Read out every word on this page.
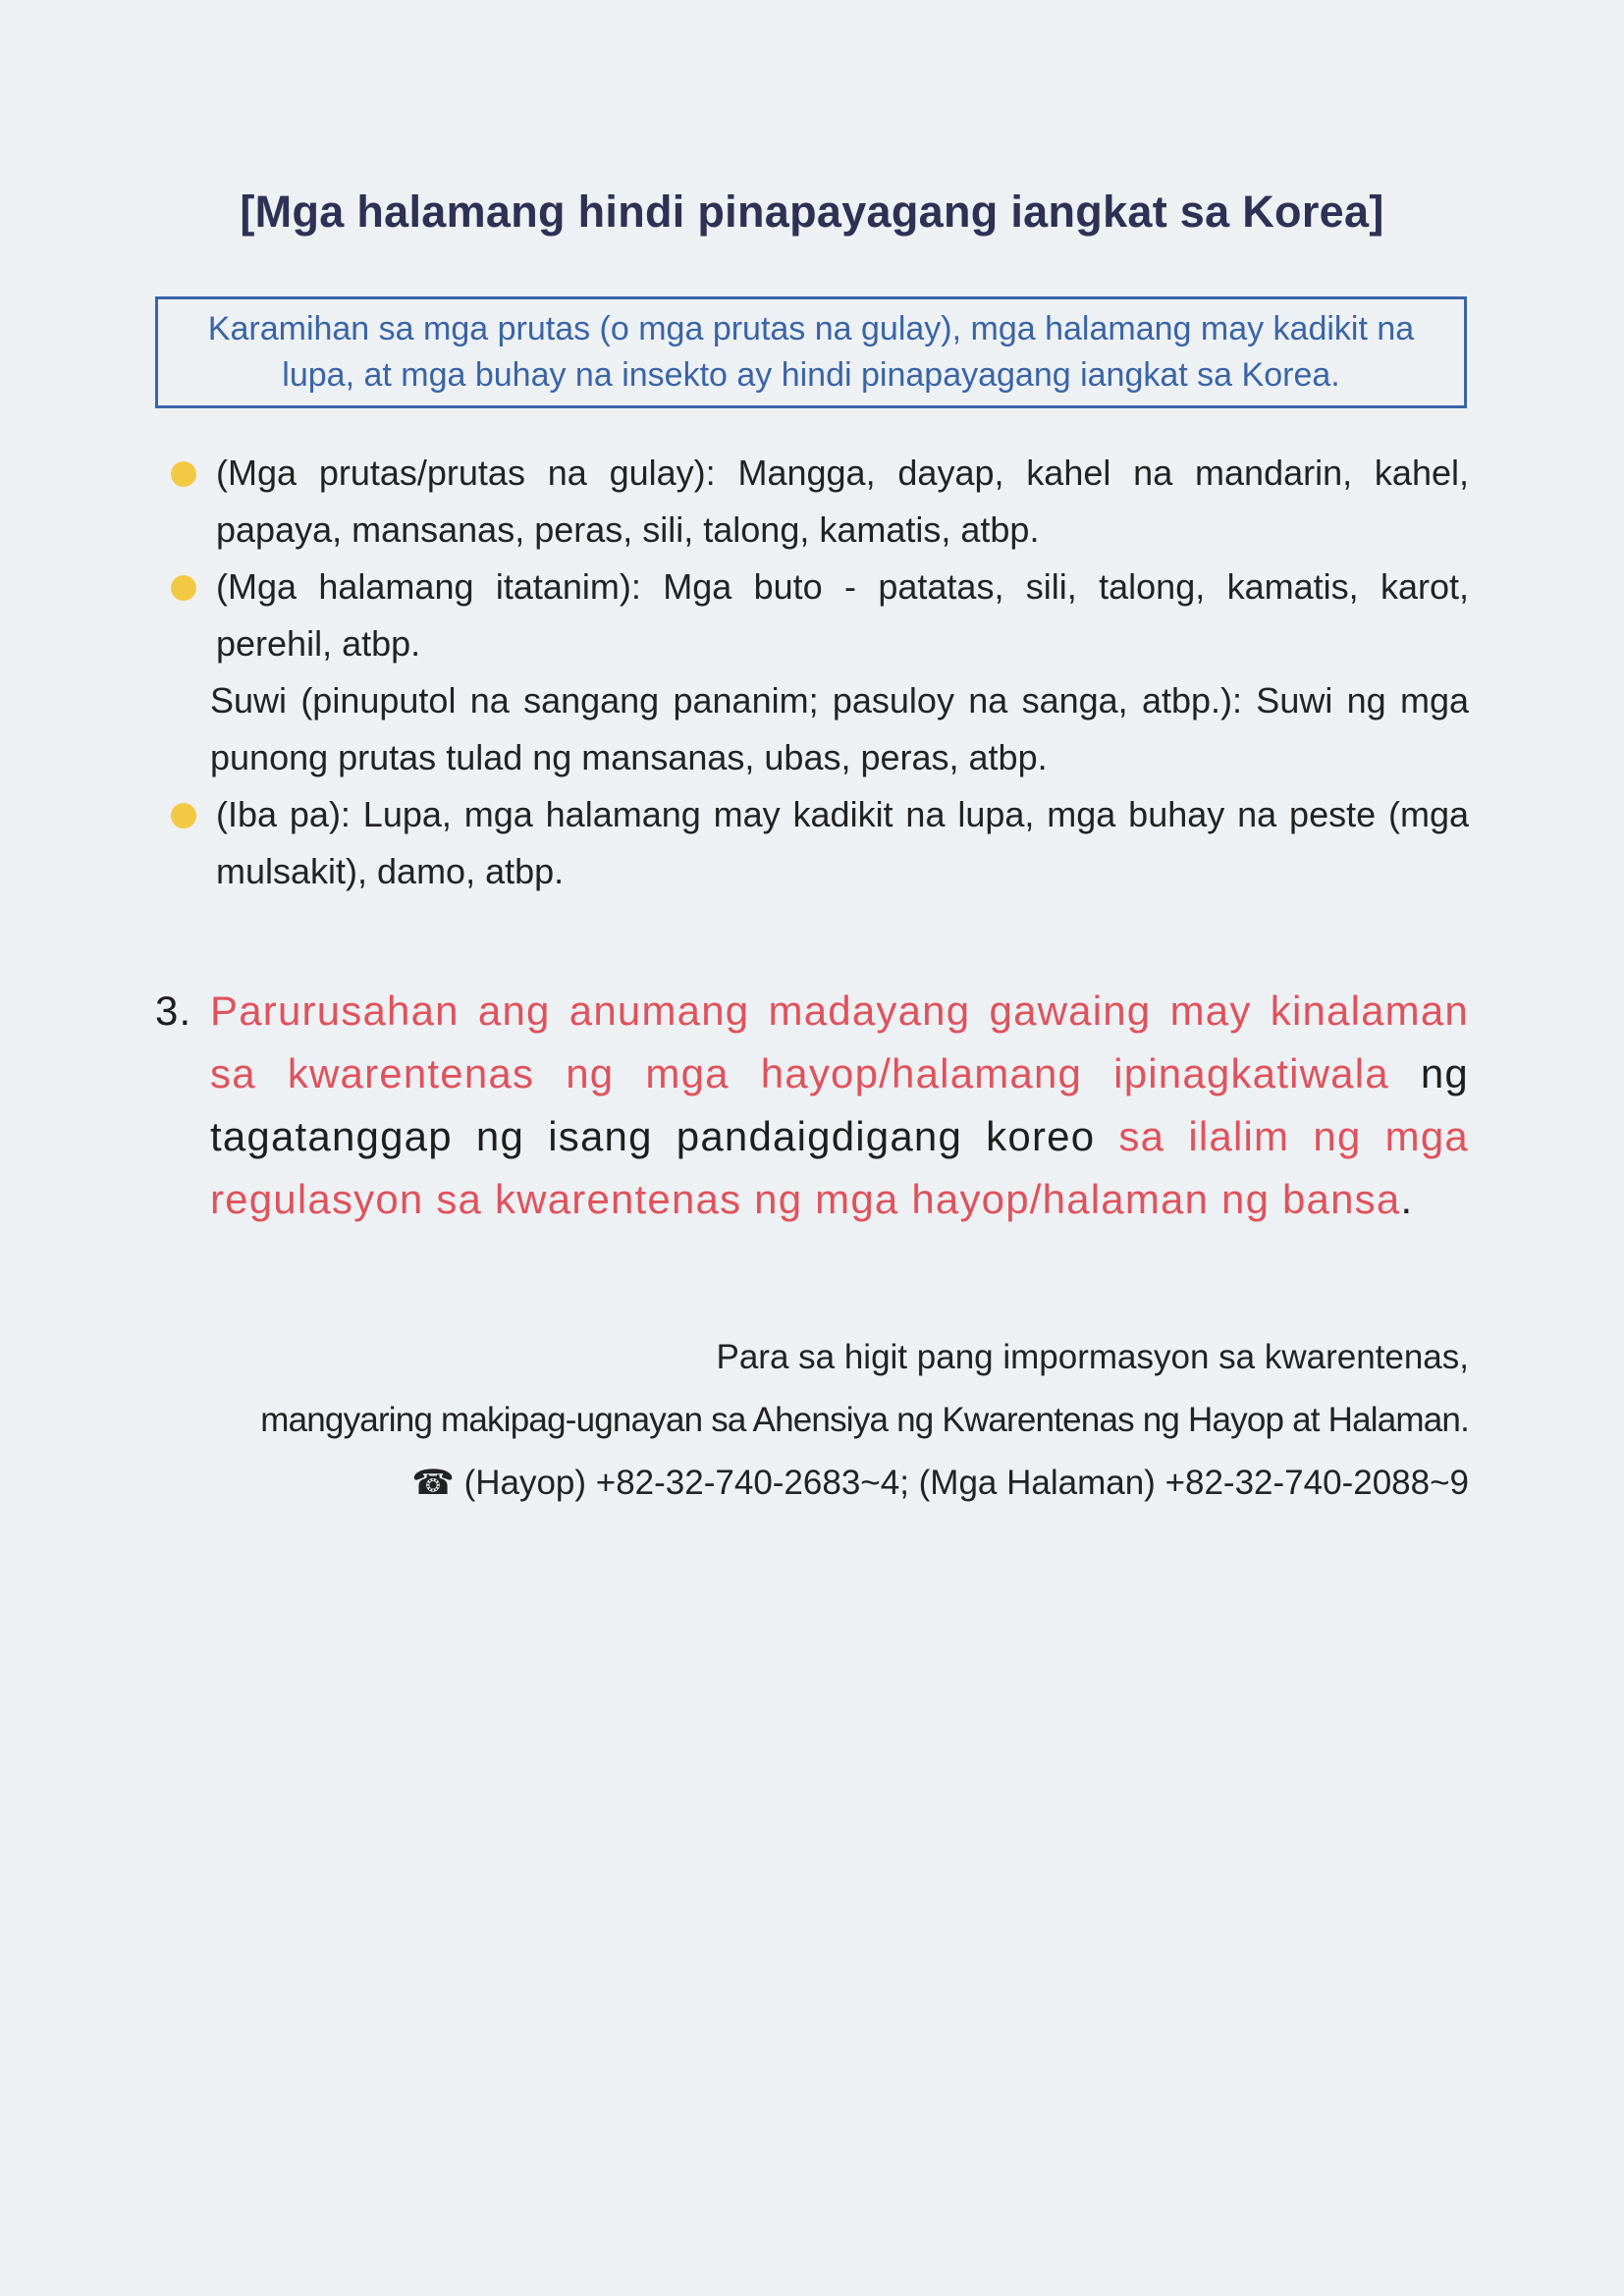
[Mga halamang hindi pinapayagang iangkat sa Korea]
Karamihan sa mga prutas (o mga prutas na gulay), mga halamang may kadikit na
lupa, at mga buhay na insekto ay hindi pinapayagang iangkat sa Korea.
(Mga prutas/prutas na gulay): Mangga, dayap, kahel na mandarin, kahel, papaya, mansanas, peras, sili, talong, kamatis, atbp.
(Mga halamang itatanim): Mga buto - patatas, sili, talong, kamatis, karot, perehil, atbp.
Suwi (pinuputol na sangang pananim; pasuloy na sanga, atbp.): Suwi ng mga punong prutas tulad ng mansanas, ubas, peras, atbp.
(Iba pa): Lupa, mga halamang may kadikit na lupa, mga buhay na peste (mga mulsakit), damo, atbp.
3. Parurusahan ang anumang madayang gawaing may kinalaman sa kwarentenas ng mga hayop/halamang ipinagkatiwala ng tagatanggap ng isang pandaigdigang koreo sa ilalim ng mga regulasyon sa kwarentenas ng mga hayop/halaman ng bansa.
Para sa higit pang impormasyon sa kwarentenas,
mangyaring makipag-ugnayan sa Ahensiya ng Kwarentenas ng Hayop at Halaman.
☎ (Hayop) +82-32-740-2683~4; (Mga Halaman) +82-32-740-2088~9
